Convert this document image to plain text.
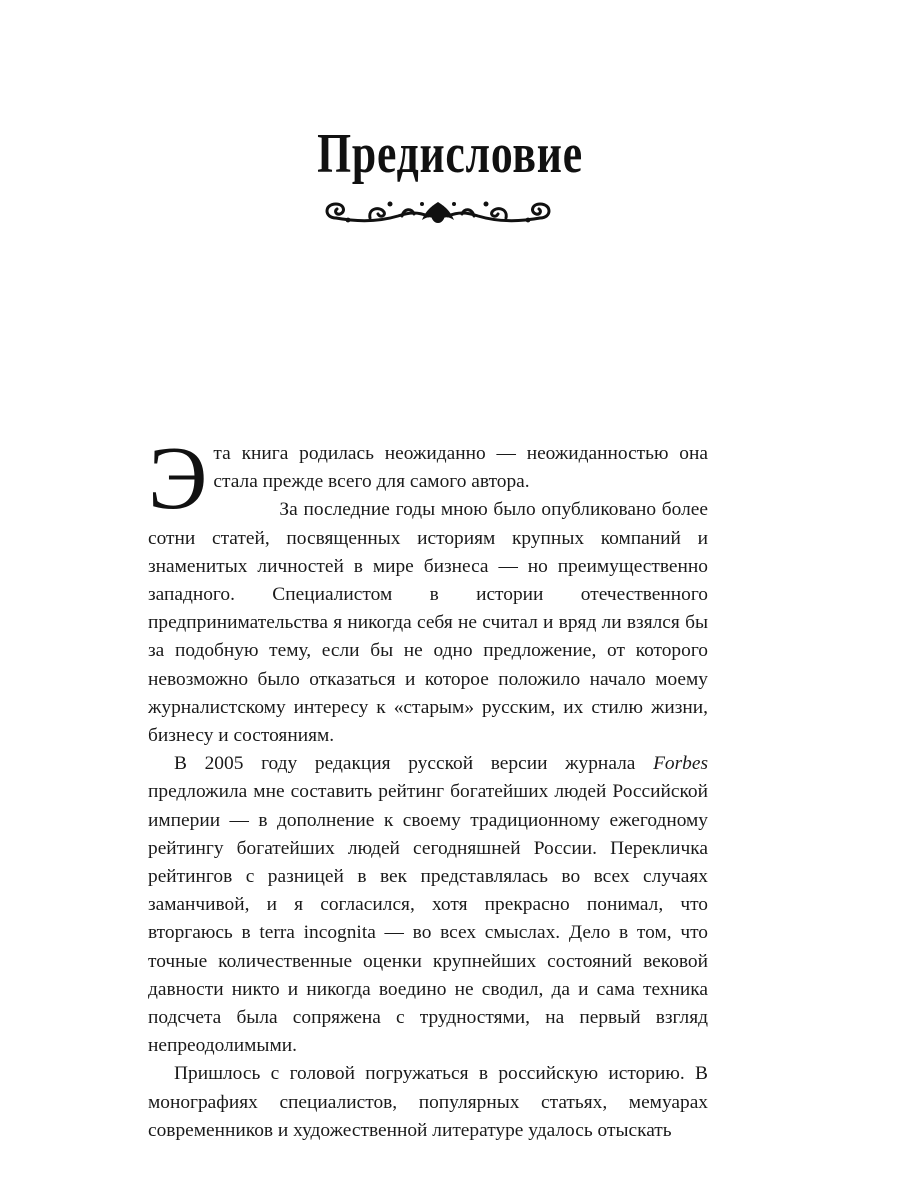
Предисловие

Эта книга родилась неожиданно — неожиданностью она стала прежде всего для самого автора.

За последние годы мною было опубликовано более сотни статей, посвященных историям крупных компаний и знаменитых личностей в мире бизнеса — но преимущественно западного. Специалистом в истории отечественного предпринимательства я никогда себя не считал и вряд ли взялся бы за подобную тему, если бы не одно предложение, от которого невозможно было отказаться и которое положило начало моему журналистскому интересу к «старым» русским, их стилю жизни, бизнесу и состояниям.

В 2005 году редакция русской версии журнала Forbes предложила мне составить рейтинг богатейших людей Российской империи — в дополнение к своему традиционному ежегодному рейтингу богатейших людей сегодняшней России. Перекличка рейтингов с разницей в век представлялась во всех случаях заманчивой, и я согласился, хотя прекрасно понимал, что вторгаюсь в terra incognita — во всех смыслах. Дело в том, что точные количественные оценки крупнейших состояний вековой давности никто и никогда воедино не сводил, да и сама техника подсчета была сопряжена с трудностями, на первый взгляд непреодолимыми.

Пришлось с головой погружаться в российскую историю. В монографиях специалистов, популярных статьях, мемуарах современников и художественной литературе удалось отыскать
